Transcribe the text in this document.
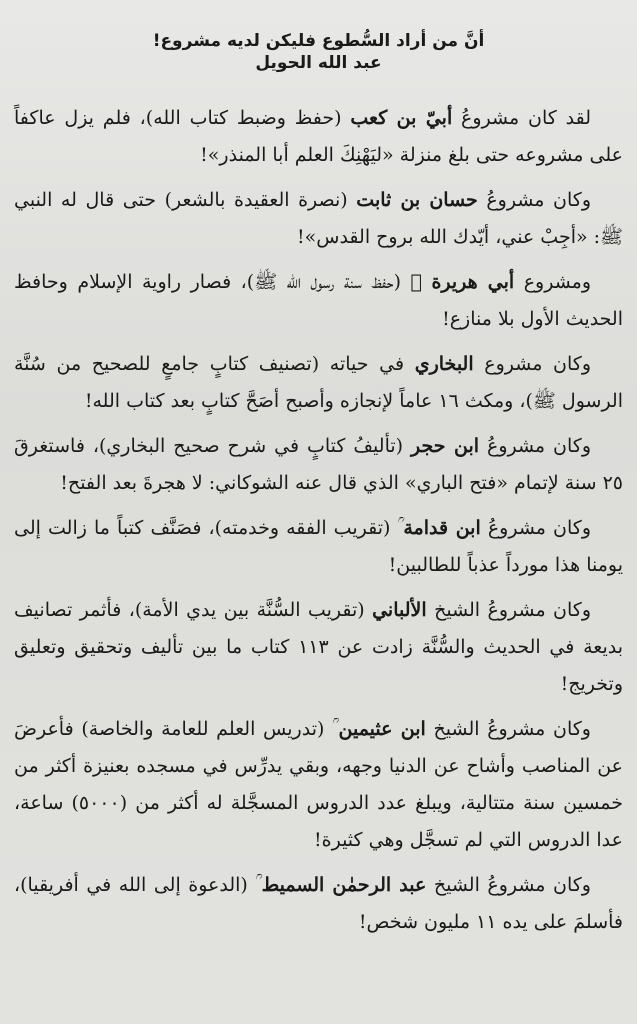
أنَّ من أراد السُّطوع فليكن لديه مشروع!
عبد الله الحويل

لقد كان مشروعُ أبيّ بن كعب (حفظ وضبط كتاب الله)، فلم يزل عاكفاً على مشروعه حتى بلغ منزلة «ليَهْنِكَ العلم أبا المنذر»!

وكان مشروعُ حسان بن ثابت (نصرة العقيدة بالشعر) حتى قال له النبي ﷺ: «أجِبْ عني، أيّدك الله بروح القدس»!

ومشروع أبي هريرة ﷛ (حفظ سنة رسول الله ﷺ)، فصار راوية الإسلام وحافظ الحديث الأول بلا منازع!

وكان مشروع البخاري في حياته (تصنيف كتابٍ جامعٍ للصحيح من سُنَّة الرسول ﷺ)، ومكث ١٦ عاماً لإنجازه وأصبح أصَحَّ كتابٍ بعد كتاب الله!

وكان مشروعُ ابن حجر (تأليفُ كتابٍ في شرح صحيح البخاري)، فاستغرقَ ٢٥ سنة لإتمام «فتح الباري» الذي قال عنه الشوكاني: لا هجرةَ بعد الفتح!

وكان مشروعُ ابن قدامة ؒ (تقريب الفقه وخدمته)، فصَنَّف كتباً ما زالت إلى يومنا هذا مورداً عذباً للطالبين!

وكان مشروعُ الشيخ الألباني (تقريب السُّنَّة بين يدي الأمة)، فأثمر تصانيف بديعة في الحديث والسُّنَّة زادت عن ١١٣ كتاب ما بين تأليف وتحقيق وتعليق وتخريج!

وكان مشروعُ الشيخ ابن عثيمين ؒ (تدريس العلم للعامة والخاصة) فأعرضَ عن المناصب وأشاح عن الدنيا وجهه، وبقي يدرِّس في مسجده بعنيزة أكثر من خمسين سنة متتالية، ويبلغ عدد الدروس المسجَّلة له أكثر من (٥٠٠٠) ساعة، عدا الدروس التي لم تسجَّل وهي كثيرة!

وكان مشروعُ الشيخ عبد الرحمٰن السميط ؒ (الدعوة إلى الله في أفريقيا)، فأسلمَ على يده ١١ مليون شخص!
